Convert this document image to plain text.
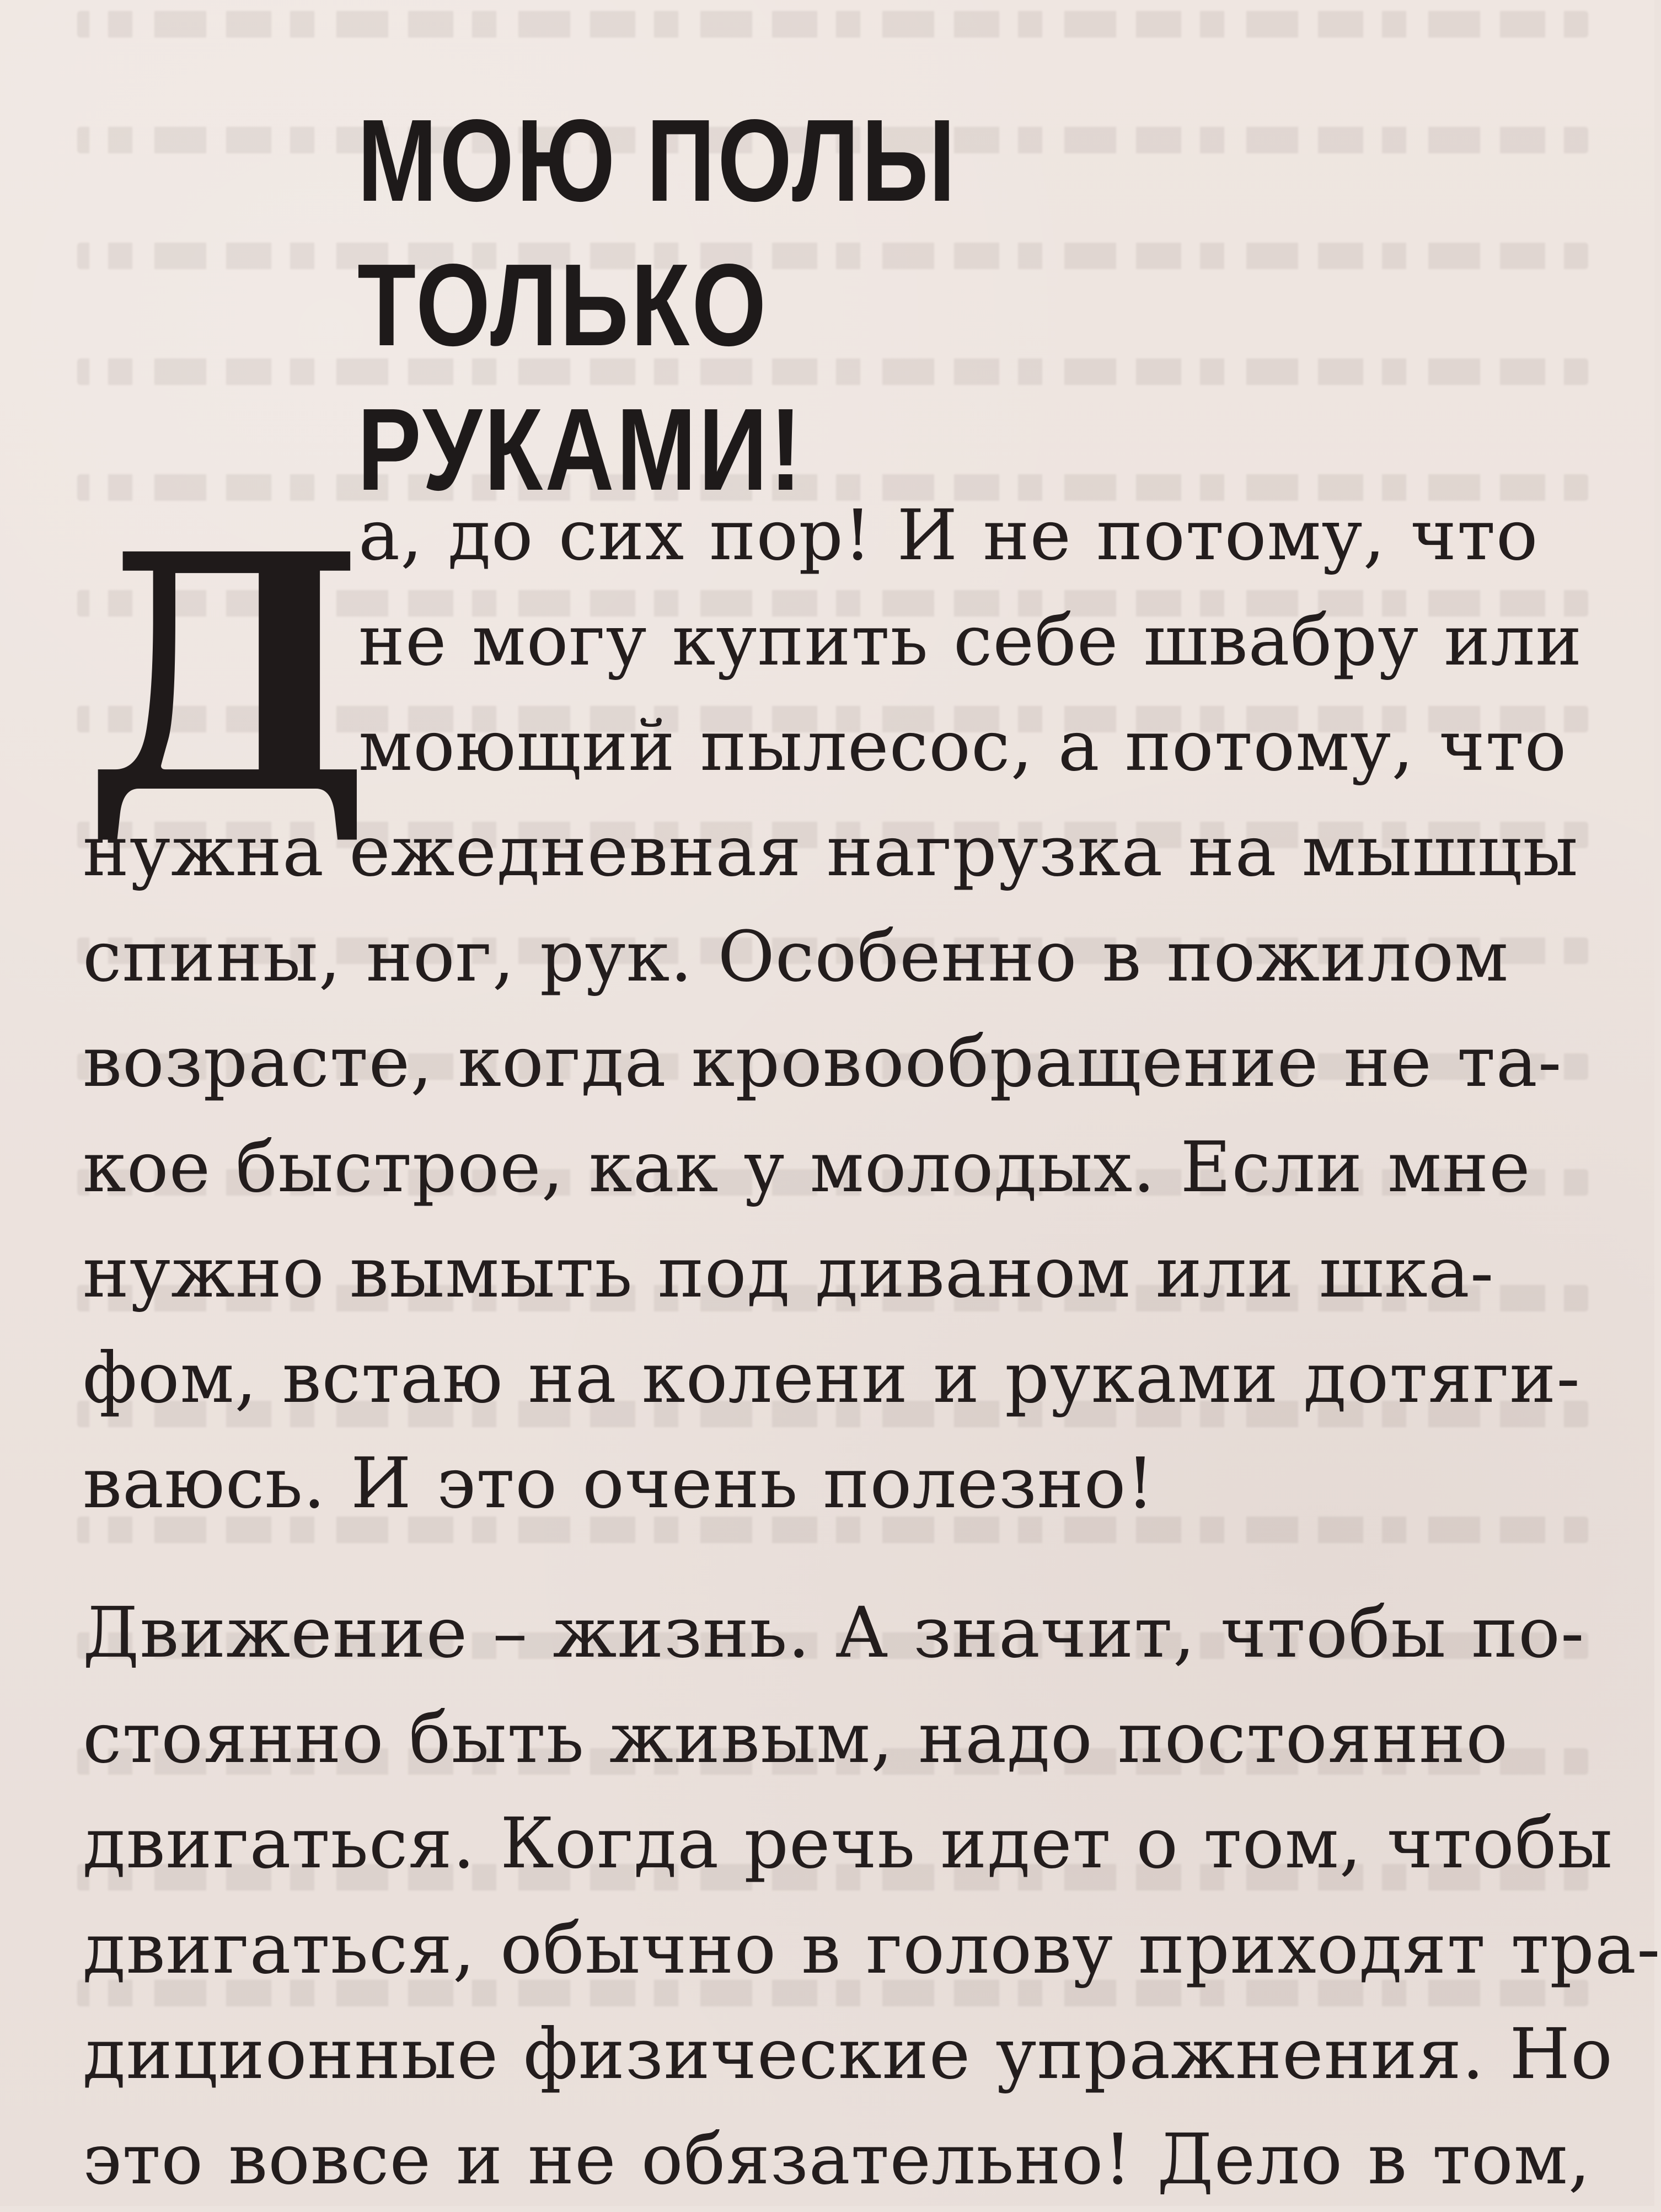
МОЮ ПОЛЫ ТОЛЬКО
РУКАМИ!
Д
а, до сих пор! И не потому, что
не могу купить себе швабру или
моющий пылесос, а потому, что
нужна ежедневная нагрузка на мышцы
спины, ног, рук. Особенно в пожилом
возрасте, когда кровообращение не та-
кое быстрое, как у молодых. Если мне
нужно вымыть под диваном или шка-
фом, встаю на колени и руками дотяги-
ваюсь. И это очень полезно!
Движение – жизнь. А значит, чтобы по-
стоянно быть живым, надо постоянно
двигаться. Когда речь идет о том, чтобы
двигаться, обычно в голову приходят тра-
диционные физические упражнения. Но
это вовсе и не обязательно! Дело в том,
